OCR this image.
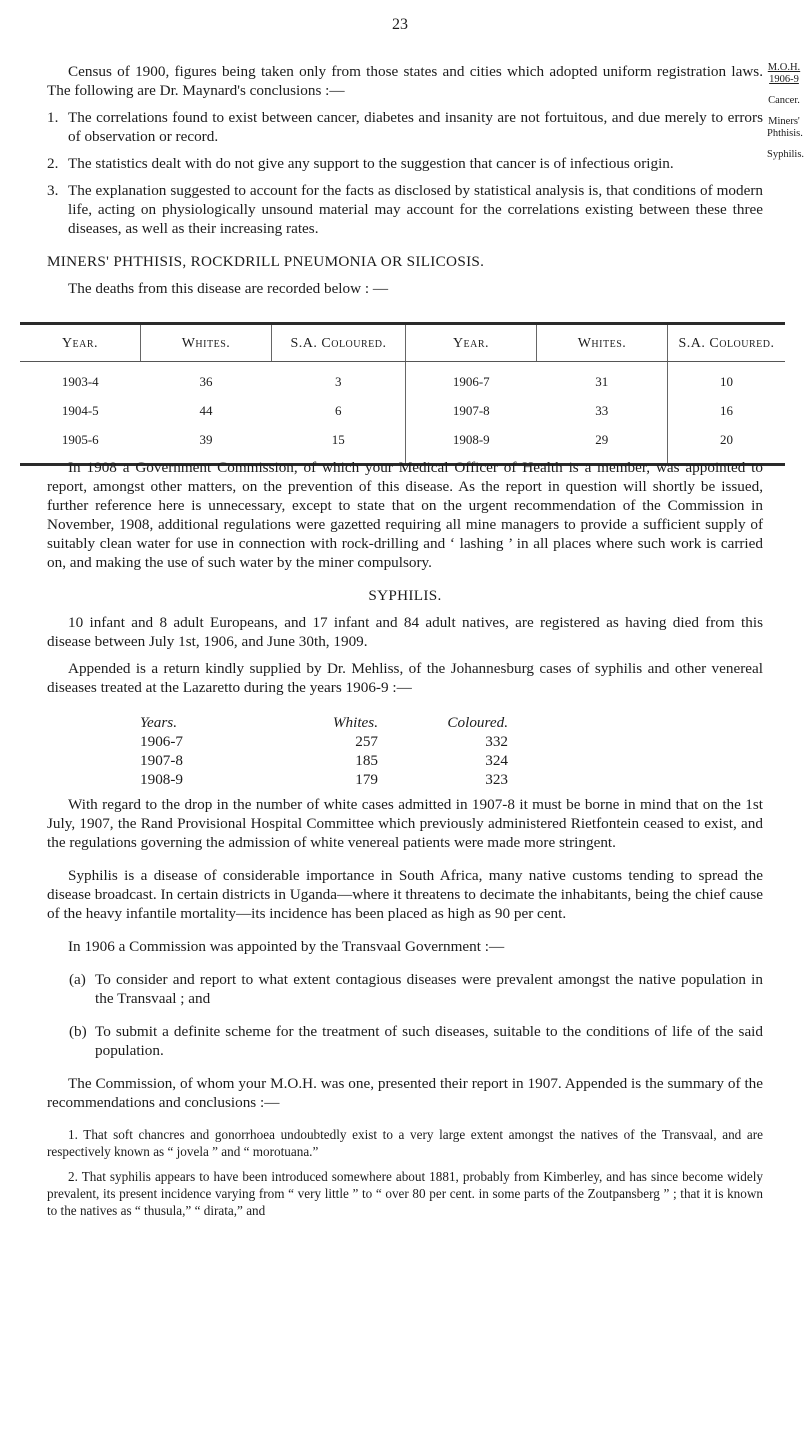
23
M.O.H. 1906-9
Cancer.
Miners' Phthisis.
Syphilis.

Census of 1900, figures being taken only from those states and cities which adopted uniform registration laws. The following are Dr. Maynard's conclusions :—

1. The correlations found to exist between cancer, diabetes and insanity are not fortuitous, and due merely to errors of observation or record.

2. The statistics dealt with do not give any support to the suggestion that cancer is of infectious origin.

3. The explanation suggested to account for the facts as disclosed by statistical analysis is, that conditions of modern life, acting on physiologically unsound material may account for the correlations existing between these three diseases, as well as their increasing rates.

MINERS' PHTHISIS, ROCKDRILL PNEUMONIA OR SILICOSIS.

The deaths from this disease are recorded below : —

Year.	Whites.	S.A. Coloured.	Year.	Whites.	S.A. Coloured.
1903-4	36	3	1906-7	31	10
1904-5	44	6	1907-8	33	16
1905-6	39	15	1908-9	29	20

In 1908 a Government Commission, of which your Medical Officer of Health is a member, was appointed to report, amongst other matters, on the prevention of this disease. As the report in question will shortly be issued, further reference here is unnecessary, except to state that on the urgent recommendation of the Commission in November, 1908, additional regulations were gazetted requiring all mine managers to provide a sufficient supply of suitably clean water for use in connection with rock-drilling and ‘ lashing ’ in all places where such work is carried on, and making the use of such water by the miner compulsory.

SYPHILIS.

10 infant and 8 adult Europeans, and 17 infant and 84 adult natives, are registered as having died from this disease between July 1st, 1906, and June 30th, 1909.

Appended is a return kindly supplied by Dr. Mehliss, of the Johannesburg cases of syphilis and other venereal diseases treated at the Lazaretto during the years 1906-9 :—

Years.	Whites.	Coloured.
1906-7	257	332
1907-8	185	324
1908-9	179	323

With regard to the drop in the number of white cases admitted in 1907-8 it must be borne in mind that on the 1st July, 1907, the Rand Provisional Hospital Committee which previously administered Rietfontein ceased to exist, and the regulations governing the admission of white venereal patients were made more stringent.

Syphilis is a disease of considerable importance in South Africa, many native customs tending to spread the disease broadcast. In certain districts in Uganda—where it threatens to decimate the inhabitants, being the chief cause of the heavy infantile mortality—its incidence has been placed as high as 90 per cent.

In 1906 a Commission was appointed by the Transvaal Government :—

(a) To consider and report to what extent contagious diseases were prevalent amongst the native population in the Transvaal ; and

(b) To submit a definite scheme for the treatment of such diseases, suitable to the conditions of life of the said population.

The Commission, of whom your M.O.H. was one, presented their report in 1907. Appended is the summary of the recommendations and conclusions :—

1. That soft chancres and gonorrhoea undoubtedly exist to a very large extent amongst the natives of the Transvaal, and are respectively known as “ jovela ” and “ morotuana.”

2. That syphilis appears to have been introduced somewhere about 1881, probably from Kimberley, and has since become widely prevalent, its present incidence varying from “ very little ” to “ over 80 per cent. in some parts of the Zoutpansberg ” ; that it is known to the natives as “ thusula,” “ dirata,” and
